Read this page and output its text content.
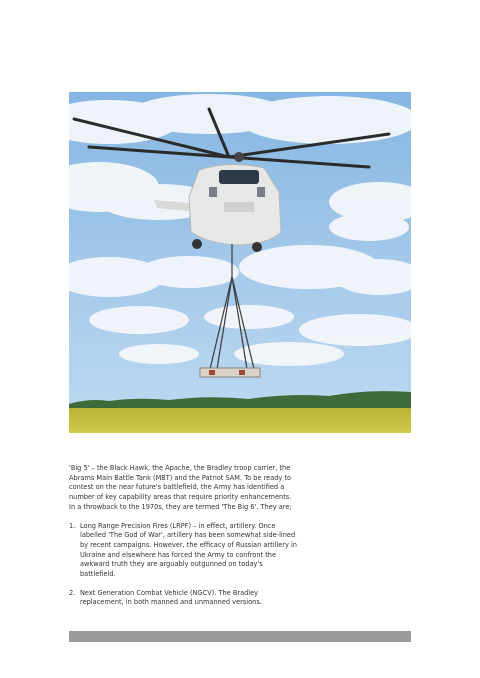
'Big 5' – the Black Hawk, the Apache, the Bradley troop carrier, the Abrams Main Battle Tank (MBT) and the Patriot SAM. To be ready to contest on the near future's battlefield, the Army has identified a number of key capability areas that require priority enhancements. In a throwback to the 1970s, they are termed 'The Big 6'. They are;

1. Long Range Precision Fires (LRPF) – in effect, artillery. Once labelled 'The God of War', artillery has been somewhat side-lined by recent campaigns. However, the efficacy of Russian artillery in Ukraine and elsewhere has forced the Army to confront the awkward truth they are arguably outgunned on today's battlefield.
2. Next Generation Combat Vehicle (NGCV). The Bradley replacement, in both manned and unmanned versions.
